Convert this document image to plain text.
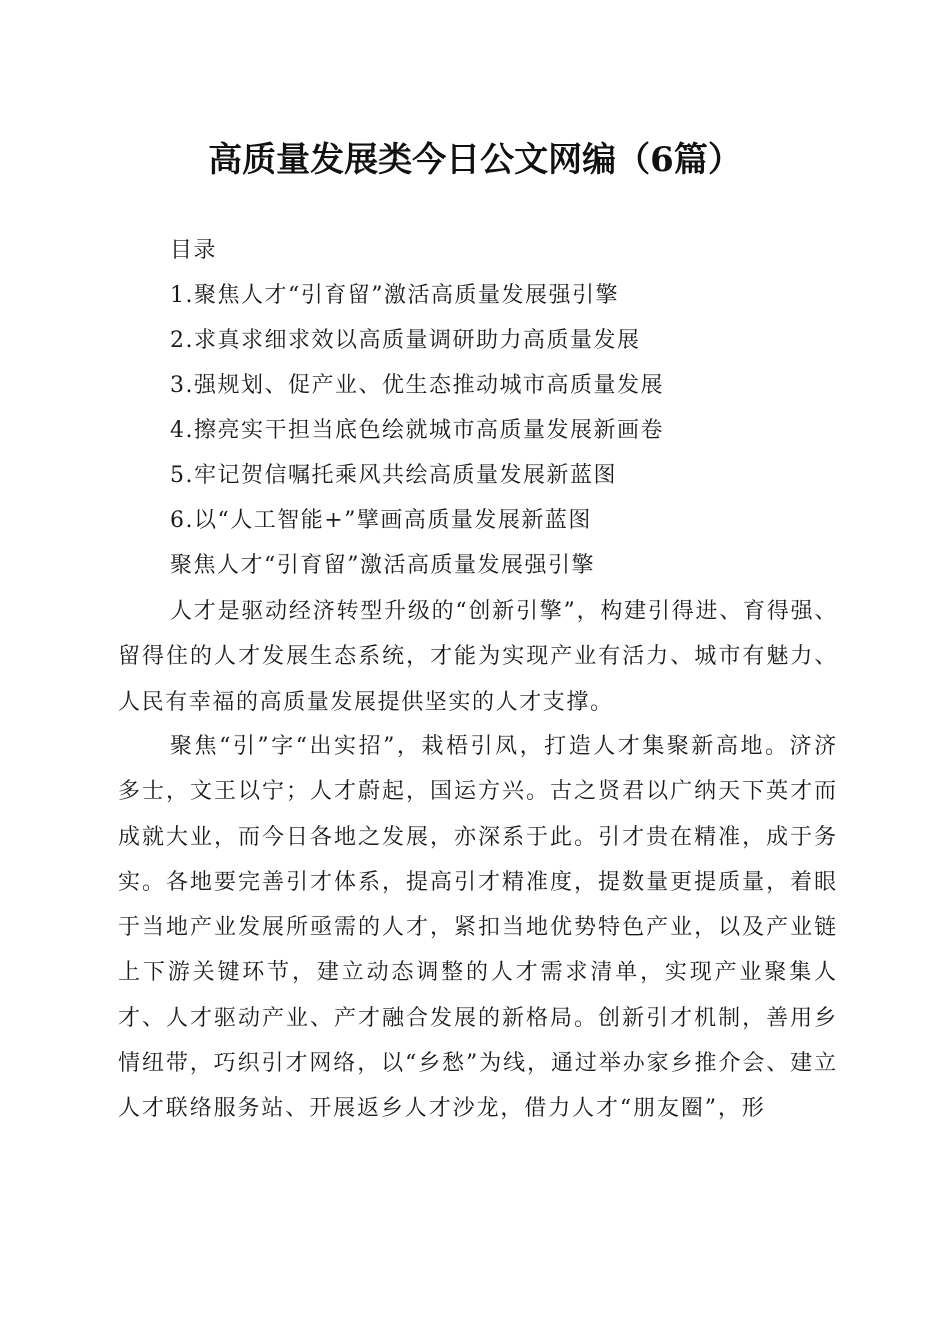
高质量发展类今日公文网编（6篇）
目录
1.聚焦人才“引育留”激活高质量发展强引擎
2.求真求细求效以高质量调研助力高质量发展
3.强规划、促产业、优生态推动城市高质量发展
4.擦亮实干担当底色绘就城市高质量发展新画卷
5.牢记贺信嘱托乘风共绘高质量发展新蓝图
6.以“人工智能+”擘画高质量发展新蓝图
聚焦人才“引育留”激活高质量发展强引擎
人才是驱动经济转型升级的“创新引擎”，构建引得进、育得强、留得住的人才发展生态系统，才能为实现产业有活力、城市有魅力、人民有幸福的高质量发展提供坚实的人才支撑。
聚焦“引”字“出实招”，栽梧引凤，打造人才集聚新高地。济济多士，文王以宁；人才蔚起，国运方兴。古之贤君以广纳天下英才而成就大业，而今日各地之发展，亦深系于此。引才贵在精准，成于务实。各地要完善引才体系，提高引才精准度，提数量更提质量，着眼于当地产业发展所亟需的人才，紧扣当地优势特色产业，以及产业链上下游关键环节，建立动态调整的人才需求清单，实现产业聚集人才、人才驱动产业、产才融合发展的新格局。创新引才机制，善用乡情纽带，巧织引才网络，以“乡愁”为线，通过举办家乡推介会、建立人才联络服务站、开展返乡人才沙龙，借力人才“朋友圈”，形
